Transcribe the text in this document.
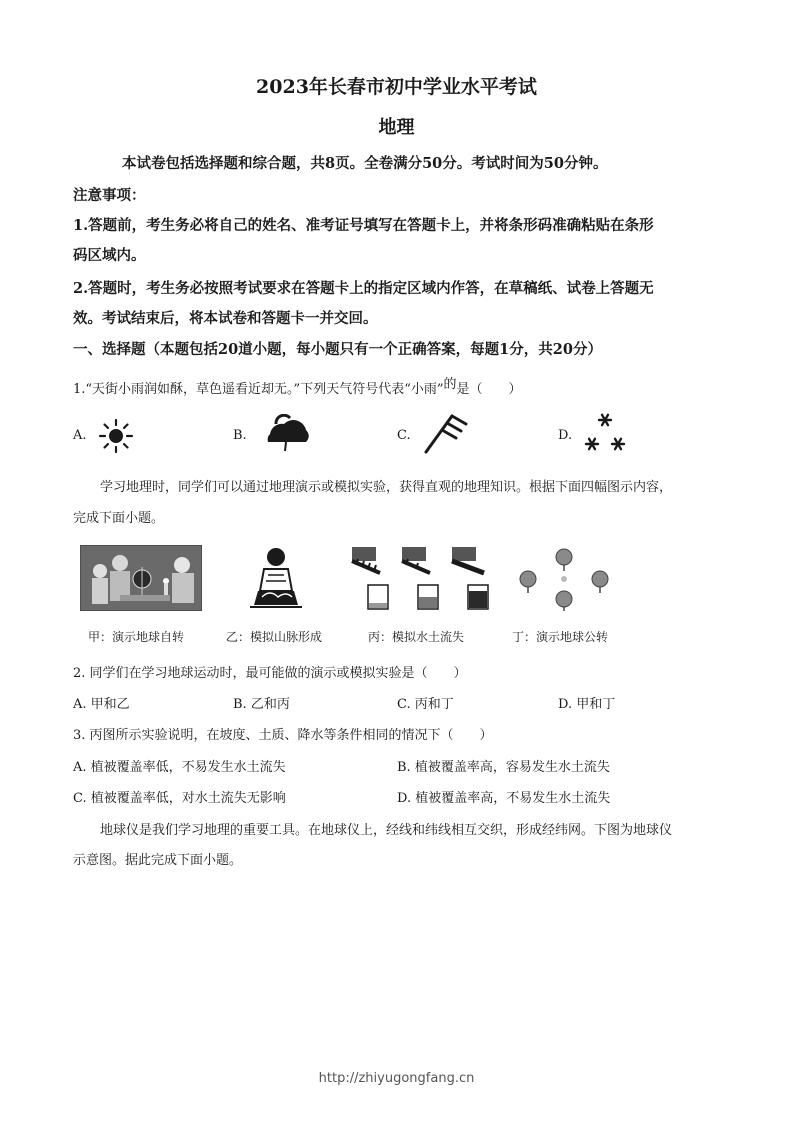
2023年长春市初中学业水平考试
地理
本试卷包括选择题和综合题，共8页。全卷满分50分。考试时间为50分钟。
注意事项：
1.答题前，考生务必将自己的姓名、准考证号填写在答题卡上，并将条形码准确粘贴在条形
码区域内。
2.答题时，考生务必按照考试要求在答题卡上的指定区域内作答，在草稿纸、试卷上答题无
效。考试结束后，将本试卷和答题卡一并交回。
一、选择题（本题包括20道小题，每小题只有一个正确答案，每题1分，共20分）
1.“天街小雨润如酥，草色遥看近却无。”下列天气符号代表“小雨”的是（　　）
A.	B.	C.	D.
学习地理时，同学们可以通过地理演示或模拟实验，获得直观的地理知识。根据下面四幅图示内容，
完成下面小题。
甲：演示地球自转	乙：模拟山脉形成	丙：模拟水土流失	丁：演示地球公转
2. 同学们在学习地球运动时，最可能做的演示或模拟实验是（　　）
A. 甲和乙	B. 乙和丙	C. 丙和丁	D. 甲和丁
3. 丙图所示实验说明，在坡度、土质、降水等条件相同的情况下（　　）
A. 植被覆盖率低，不易发生水土流失	B. 植被覆盖率高，容易发生水土流失
C. 植被覆盖率低，对水土流失无影响	D. 植被覆盖率高，不易发生水土流失
地球仪是我们学习地理的重要工具。在地球仪上，经线和纬线相互交织，形成经纬网。下图为地球仪
示意图。据此完成下面小题。
http://zhiyugongfang.cn
